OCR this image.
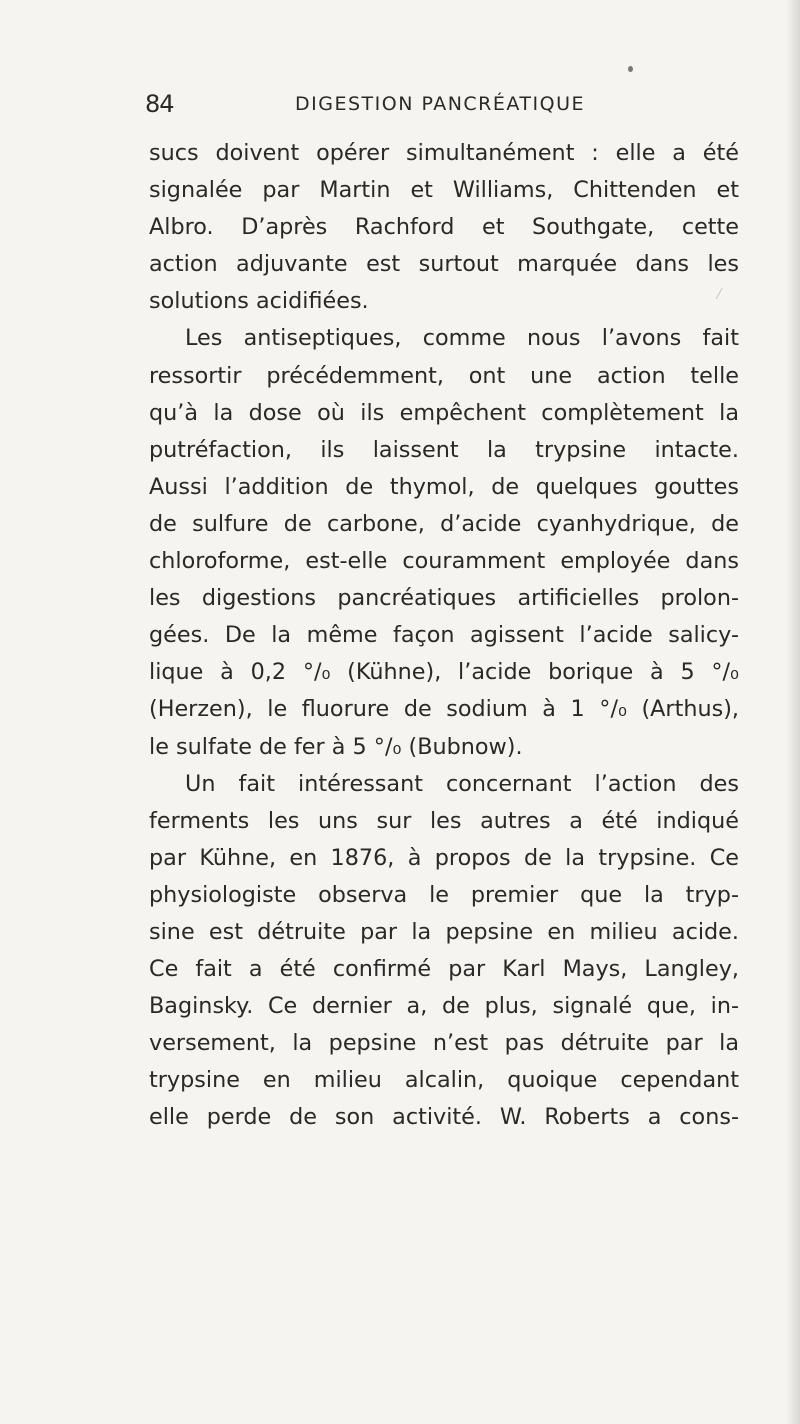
84	DIGESTION PANCRÉATIQUE
sucs doivent opérer simultanément : elle a été
signalée par Martin et Williams, Chittenden et
Albro. D’après Rachford et Southgate, cette
action adjuvante est surtout marquée dans les
solutions acidifiées.
Les antiseptiques, comme nous l’avons fait
ressortir précédemment, ont une action telle
qu’à la dose où ils empêchent complètement la
putréfaction, ils laissent la trypsine intacte.
Aussi l’addition de thymol, de quelques gouttes
de sulfure de carbone, d’acide cyanhydrique, de
chloroforme, est-elle couramment employée dans
les digestions pancréatiques artificielles prolon-
gées. De la même façon agissent l’acide salicy-
lique à 0,2 °/₀ (Kühne), l’acide borique à 5 °/₀
(Herzen), le fluorure de sodium à 1 °/₀ (Arthus),
le sulfate de fer à 5 °/₀ (Bubnow).
Un fait intéressant concernant l’action des
ferments les uns sur les autres a été indiqué
par Kühne, en 1876, à propos de la trypsine. Ce
physiologiste observa le premier que la tryp-
sine est détruite par la pepsine en milieu acide.
Ce fait a été confirmé par Karl Mays, Langley,
Baginsky. Ce dernier a, de plus, signalé que, in-
versement, la pepsine n’est pas détruite par la
trypsine en milieu alcalin, quoique cependant
elle perde de son activité. W. Roberts a cons-
